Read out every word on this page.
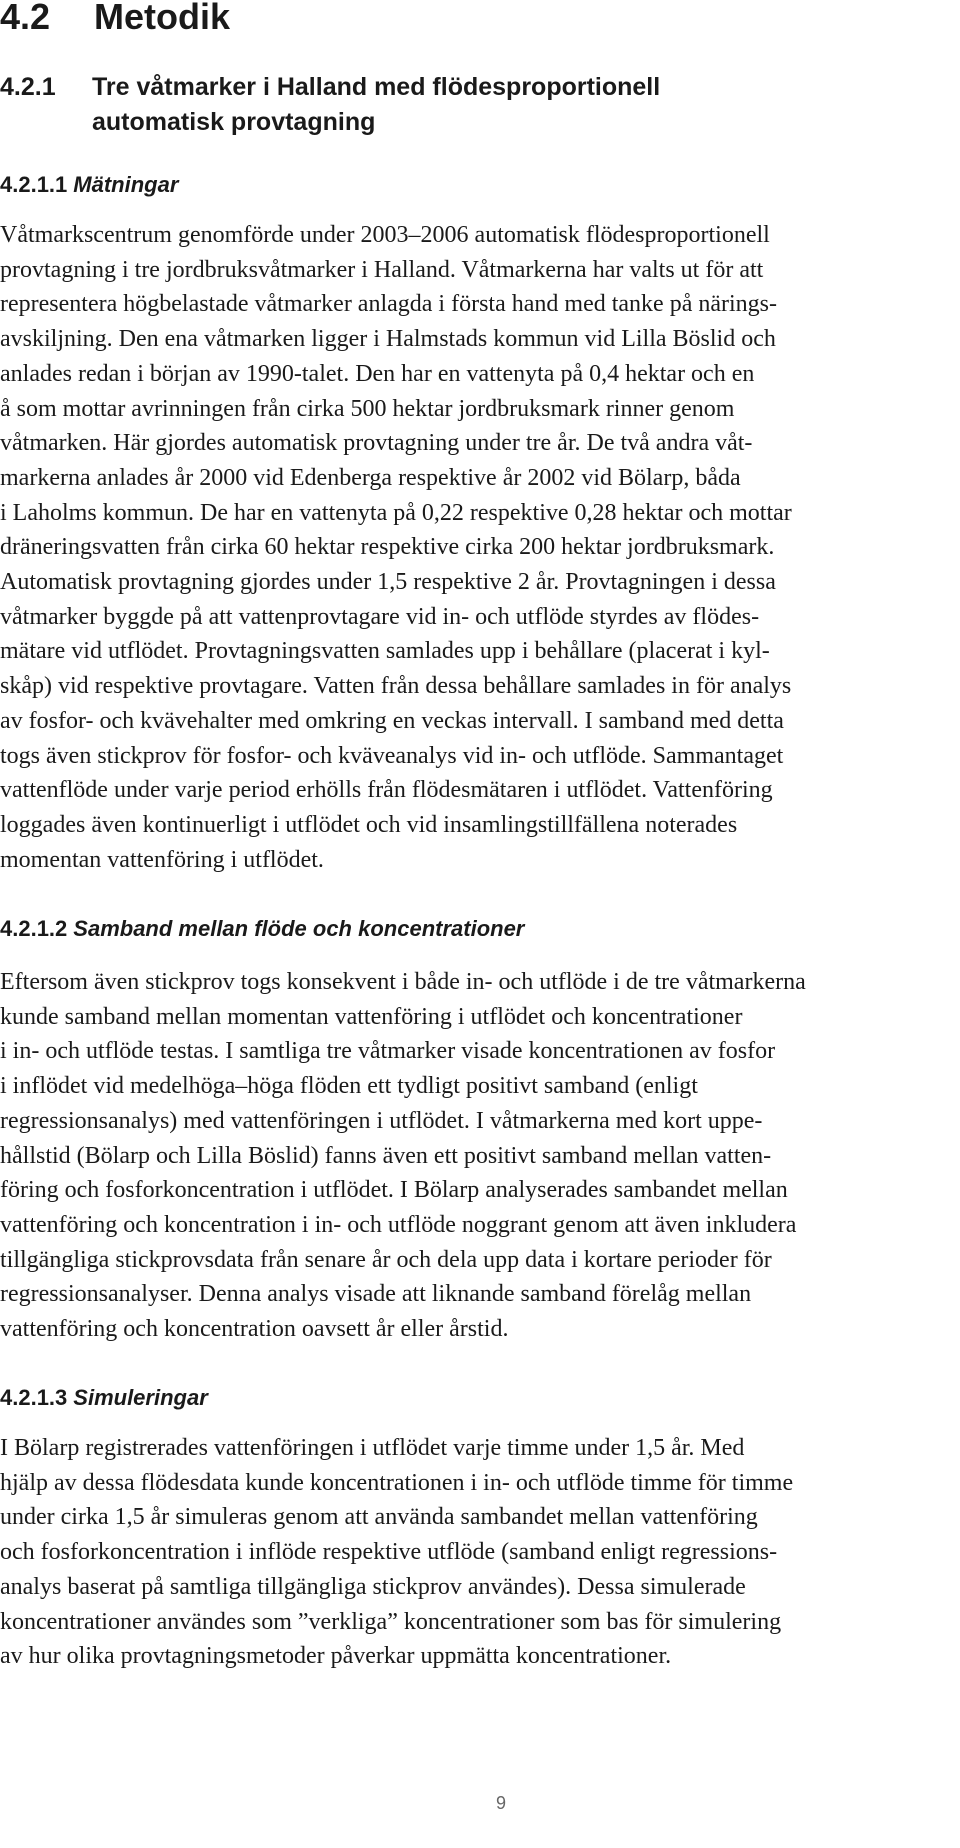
4.2 Metodik
4.2.1 Tre våtmarker i Halland med flödesproportionell automatisk provtagning
4.2.1.1 Mätningar
Våtmarkscentrum genomförde under 2003–2006 automatisk flödesproportionell
provtagning i tre jordbruksvåtmarker i Halland. Våtmarkerna har valts ut för att
representera högbelastade våtmarker anlagda i första hand med tanke på närings-
avskiljning. Den ena våtmarken ligger i Halmstads kommun vid Lilla Böslid och
anlades redan i början av 1990-talet. Den har en vattenyta på 0,4 hektar och en
å som mottar avrinningen från cirka 500 hektar jordbruksmark rinner genom
våtmarken. Här gjordes automatisk provtagning under tre år. De två andra våt-
markerna anlades år 2000 vid Edenberga respektive år 2002 vid Bölarp, båda
i Laholms kommun. De har en vattenyta på 0,22 respektive 0,28 hektar och mottar
dräneringsvatten från cirka 60 hektar respektive cirka 200 hektar jordbruksmark.
Automatisk provtagning gjordes under 1,5 respektive 2 år. Provtagningen i dessa
våtmarker byggde på att vattenprovtagare vid in- och utflöde styrdes av flödes-
mätare vid utflödet. Provtagningsvatten samlades upp i behållare (placerat i kyl-
skåp) vid respektive provtagare. Vatten från dessa behållare samlades in för analys
av fosfor- och kvävehalter med omkring en veckas intervall. I samband med detta
togs även stickprov för fosfor- och kväveanalys vid in- och utflöde. Sammantaget
vattenflöde under varje period erhölls från flödesmätaren i utflödet. Vattenföring
loggades även kontinuerligt i utflödet och vid insamlingstillfällena noterades
momentan vattenföring i utflödet.
4.2.1.2 Samband mellan flöde och koncentrationer
Eftersom även stickprov togs konsekvent i både in- och utflöde i de tre våtmarkerna
kunde samband mellan momentan vattenföring i utflödet och koncentrationer
i in- och utflöde testas. I samtliga tre våtmarker visade koncentrationen av fosfor
i inflödet vid medelhöga–höga flöden ett tydligt positivt samband (enligt
regressionsanalys) med vattenföringen i utflödet. I våtmarkerna med kort uppe-
hållstid (Bölarp och Lilla Böslid) fanns även ett positivt samband mellan vatten-
föring och fosforkoncentration i utflödet. I Bölarp analyserades sambandet mellan
vattenföring och koncentration i in- och utflöde noggrant genom att även inkludera
tillgängliga stickprovsdata från senare år och dela upp data i kortare perioder för
regressionsanalyser. Denna analys visade att liknande samband förelåg mellan
vattenföring och koncentration oavsett år eller årstid.
4.2.1.3 Simuleringar
I Bölarp registrerades vattenföringen i utflödet varje timme under 1,5 år. Med
hjälp av dessa flödesdata kunde koncentrationen i in- och utflöde timme för timme
under cirka 1,5 år simuleras genom att använda sambandet mellan vattenföring
och fosforkoncentration i inflöde respektive utflöde (samband enligt regressions-
analys baserat på samtliga tillgängliga stickprov användes). Dessa simulerade
koncentrationer användes som ”verkliga” koncentrationer som bas för simulering
av hur olika provtagningsmetoder påverkar uppmätta koncentrationer.
9
